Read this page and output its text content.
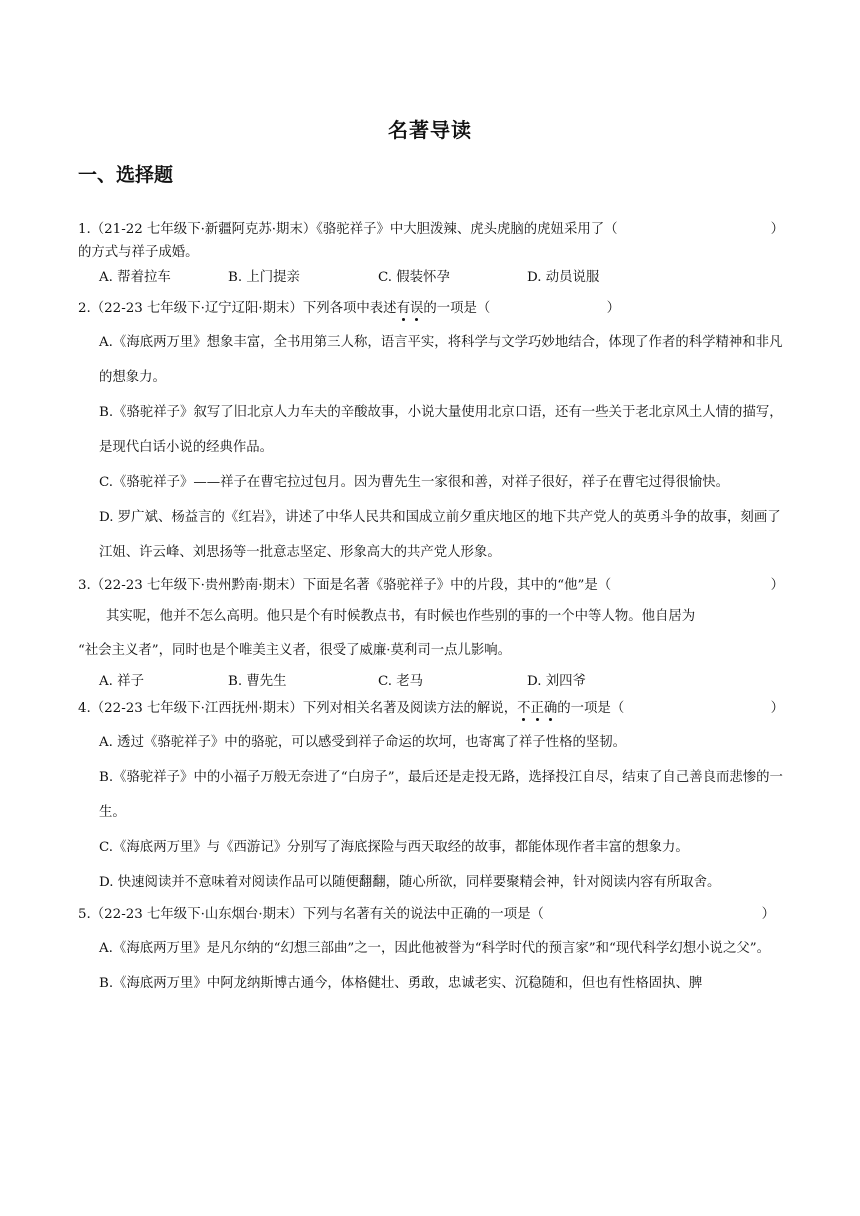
名著导读
一、选择题
1.（21-22 七年级下·新疆阿克苏·期末）《骆驼祥子》中大胆泼辣、虎头虎脑的虎妞采用了（	）
的方式与祥子成婚。
A. 帮着拉车	B. 上门提亲	C. 假装怀孕	D. 动员说服
2.（22-23 七年级下·辽宁辽阳·期末）下列各项中表述有误的一项是（	）
A.《海底两万里》想象丰富，全书用第三人称，语言平实，将科学与文学巧妙地结合，体现了作者的科学精神和非凡的想象力。
B.《骆驼祥子》叙写了旧北京人力车夫的辛酸故事，小说大量使用北京口语，还有一些关于老北京风土人情的描写，是现代白话小说的经典作品。
C.《骆驼祥子》——祥子在曹宅拉过包月。因为曹先生一家很和善，对祥子很好，祥子在曹宅过得很愉快。
D. 罗广斌、杨益言的《红岩》，讲述了中华人民共和国成立前夕重庆地区的地下共产党人的英勇斗争的故事，刻画了江姐、许云峰、刘思扬等一批意志坚定、形象高大的共产党人形象。
3.（22-23 七年级下·贵州黔南·期末）下面是名著《骆驼祥子》中的片段，其中的“他”是（	）
其实呢，他并不怎么高明。他只是个有时候教点书，有时候也作些别的事的一个中等人物。他自居为
“社会主义者”，同时也是个唯美主义者，很受了威廉·莫利司一点儿影响。
A. 祥子	B. 曹先生	C. 老马	D. 刘四爷
4.（22-23 七年级下·江西抚州·期末）下列对相关名著及阅读方法的解说，不正确的一项是（	）
A. 透过《骆驼祥子》中的骆驼，可以感受到祥子命运的坎坷，也寄寓了祥子性格的坚韧。
B.《骆驼祥子》中的小福子万般无奈进了“白房子”，最后还是走投无路，选择投江自尽，结束了自己善良而悲惨的一生。
C.《海底两万里》与《西游记》分别写了海底探险与西天取经的故事，都能体现作者丰富的想象力。
D. 快速阅读并不意味着对阅读作品可以随便翻翻，随心所欲，同样要聚精会神，针对阅读内容有所取舍。
5.（22-23 七年级下·山东烟台·期末）下列与名著有关的说法中正确的一项是（	）
A.《海底两万里》是凡尔纳的“幻想三部曲”之一，因此他被誉为“科学时代的预言家”和“现代科学幻想小说之父”。
B.《海底两万里》中阿龙纳斯博古通今，体格健壮、勇敢，忠诚老实、沉稳随和，但也有性格固执、脾
